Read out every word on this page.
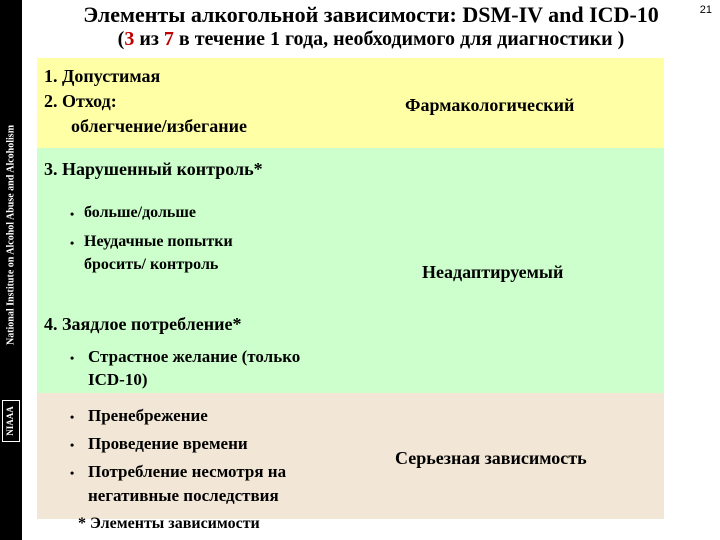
National Institute on Alcohol Abuse and Alcoholism
NIAAA
21
Элементы алкогольной зависимости: DSM-IV and ICD-10
(3 из 7 в течение 1 года, необходимого для диагностики )
1. Допустимая
2. Отход:
облегчение/избегание
Фармакологический
3. Нарушенный контроль*
• больше/дольше
• Неудачные попытки
бросить/ контроль	Неадаптируемый
4. Заядлое потребление*
• Страстное желание (только
ICD-10)
• Пренебрежение
• Проведение времени
• Потребление несмотря на
негативные последствия
Серьезная зависимость
* Элементы зависимости
